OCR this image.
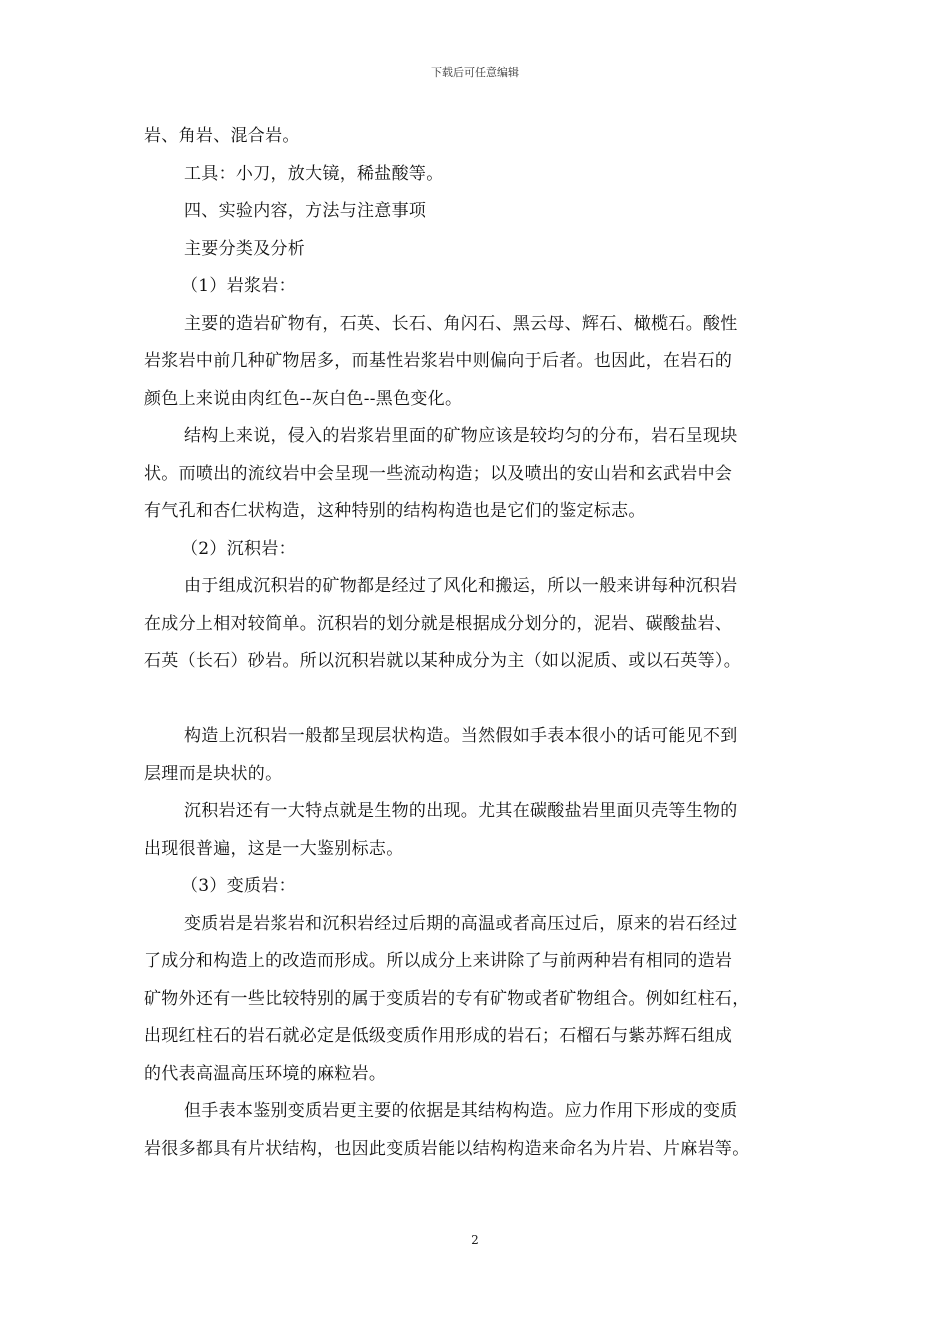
下载后可任意编辑
岩、角岩、混合岩。
工具：小刀，放大镜，稀盐酸等。
四、实验内容，方法与注意事项
主要分类及分析
（1）岩浆岩：
主要的造岩矿物有，石英、长石、角闪石、黑云母、辉石、橄榄石。酸性
岩浆岩中前几种矿物居多，而基性岩浆岩中则偏向于后者。也因此，在岩石的
颜色上来说由肉红色--灰白色--黑色变化。
结构上来说，侵入的岩浆岩里面的矿物应该是较均匀的分布，岩石呈现块
状。而喷出的流纹岩中会呈现一些流动构造；以及喷出的安山岩和玄武岩中会
有气孔和杏仁状构造，这种特别的结构构造也是它们的鉴定标志。
（2）沉积岩：
由于组成沉积岩的矿物都是经过了风化和搬运，所以一般来讲每种沉积岩
在成分上相对较简单。沉积岩的划分就是根据成分划分的，泥岩、碳酸盐岩、
石英（长石）砂岩。所以沉积岩就以某种成分为主（如以泥质、或以石英等）。
构造上沉积岩一般都呈现层状构造。当然假如手表本很小的话可能见不到
层理而是块状的。
沉积岩还有一大特点就是生物的出现。尤其在碳酸盐岩里面贝壳等生物的
出现很普遍，这是一大鉴别标志。
（3）变质岩：
变质岩是岩浆岩和沉积岩经过后期的高温或者高压过后，原来的岩石经过
了成分和构造上的改造而形成。所以成分上来讲除了与前两种岩有相同的造岩
矿物外还有一些比较特别的属于变质岩的专有矿物或者矿物组合。例如红柱石，
出现红柱石的岩石就必定是低级变质作用形成的岩石；石榴石与紫苏辉石组成
的代表高温高压环境的麻粒岩。
但手表本鉴别变质岩更主要的依据是其结构构造。应力作用下形成的变质
岩很多都具有片状结构，也因此变质岩能以结构构造来命名为片岩、片麻岩等。
2
